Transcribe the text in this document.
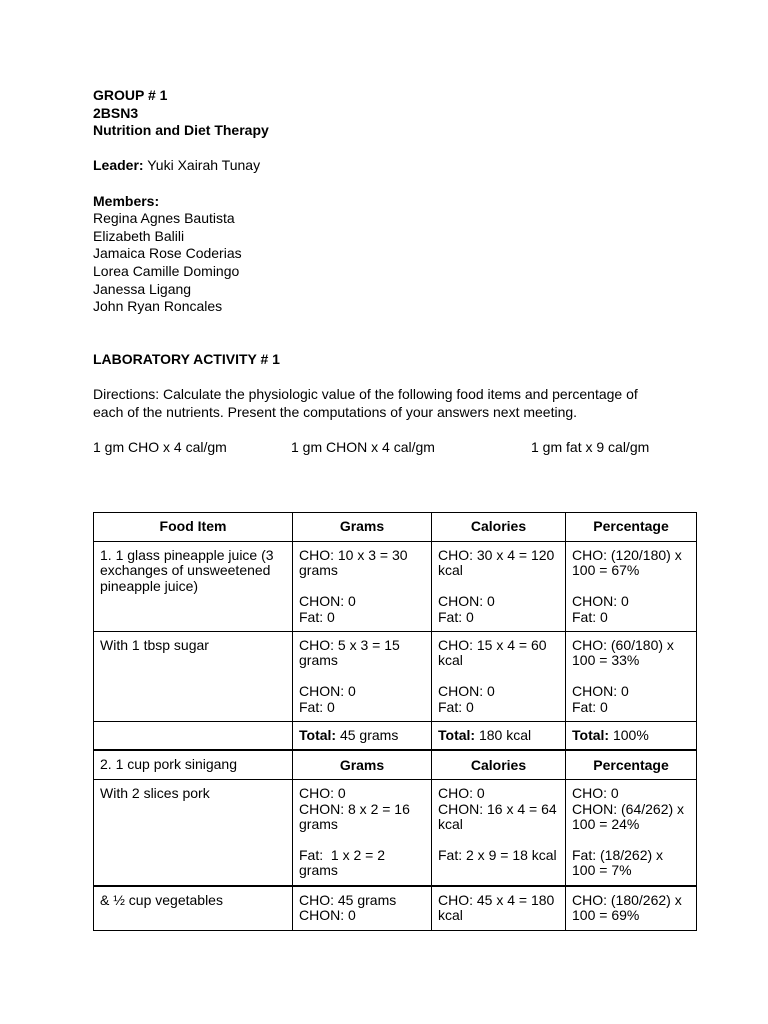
GROUP # 1
2BSN3
Nutrition and Diet Therapy
Leader: Yuki Xairah Tunay
Members:
Regina Agnes Bautista
Elizabeth Balili
Jamaica Rose Coderias
Lorea Camille Domingo
Janessa Ligang
John Ryan Roncales
LABORATORY ACTIVITY # 1
Directions: Calculate the physiologic value of the following food items and percentage of
each of the nutrients. Present the computations of your answers next meeting.
1 gm CHO x 4 cal/gm	1 gm CHON x 4 cal/gm	1 gm fat x 9 cal/gm
Food Item	Grams	Calories	Percentage

1. 1 glass pineapple juice (3
exchanges of unsweetened
pineapple juice)	CHO: 10 x 3 = 30
grams
CHON: 0
Fat: 0	CHO: 30 x 4 = 120
kcal
CHON: 0
Fat: 0	CHO: (120/180) x
100 = 67%
CHON: 0
Fat: 0

With 1 tbsp sugar	CHO: 5 x 3 = 15
grams
CHON: 0
Fat: 0	CHO: 15 x 4 = 60
kcal
CHON: 0
Fat: 0	CHO: (60/180) x
100 = 33%
CHON: 0
Fat: 0

	Total: 45 grams	Total: 180 kcal	Total: 100%
2. 1 cup pork sinigang	Grams	Calories	Percentage

With 2 slices pork	CHO: 0
CHON: 8 x 2 = 16
grams
Fat:  1 x 2 = 2
grams	CHO: 0
CHON: 16 x 4 = 64
kcal
Fat: 2 x 9 = 18 kcal	CHO: 0
CHON: (64/262) x
100 = 24%
Fat: (18/262) x
100 = 7%

& ½ cup vegetables	CHO: 45 grams
CHON: 0	CHO: 45 x 4 = 180
kcal	CHO: (180/262) x
100 = 69%
